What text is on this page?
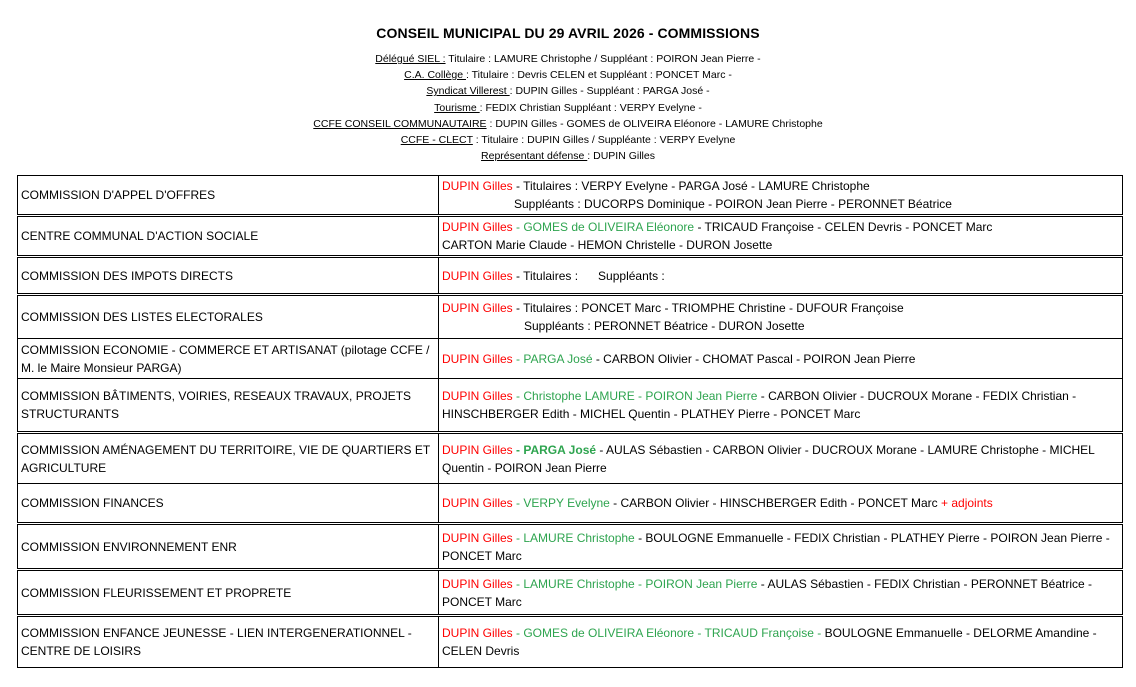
CONSEIL MUNICIPAL DU 29 AVRIL 2026 - COMMISSIONS
Délégué SIEL : Titulaire : LAMURE Christophe / Suppléant : POIRON Jean Pierre -
C.A. Collège : Titulaire : Devris CELEN et Suppléant : PONCET Marc -
Syndicat Villerest : DUPIN Gilles - Suppléant : PARGA José -
Tourisme : FEDIX Christian Suppléant : VERPY Evelyne -
CCFE CONSEIL COMMUNAUTAIRE : DUPIN Gilles - GOMES de OLIVEIRA Eléonore - LAMURE Christophe
CCFE - CLECT : Titulaire : DUPIN Gilles / Suppléante : VERPY Evelyne
Représentant défense : DUPIN Gilles
COMMISSION D'APPEL D'OFFRES	DUPIN Gilles - Titulaires : VERPY Evelyne - PARGA José - LAMURE Christophe
Suppléants : DUCORPS Dominique - POIRON Jean Pierre - PERONNET Béatrice

CENTRE COMMUNAL D'ACTION SOCIALE	DUPIN Gilles - GOMES de OLIVEIRA Eléonore - TRICAUD Françoise - CELEN Devris - PONCET Marc
CARTON Marie Claude - HEMON Christelle - DURON Josette

COMMISSION DES IMPOTS DIRECTS	DUPIN Gilles - Titulaires :      Suppléants :

COMMISSION DES LISTES ELECTORALES	DUPIN Gilles - Titulaires : PONCET Marc - TRIOMPHE Christine - DUFOUR Françoise
Suppléants : PERONNET Béatrice - DURON Josette

COMMISSION ECONOMIE - COMMERCE ET ARTISANAT (pilotage CCFE / M. le Maire Monsieur PARGA)	DUPIN Gilles - PARGA José - CARBON Olivier - CHOMAT Pascal - POIRON Jean Pierre
COMMISSION BÂTIMENTS, VOIRIES, RESEAUX TRAVAUX, PROJETS STRUCTURANTS	DUPIN Gilles - Christophe LAMURE - POIRON Jean Pierre - CARBON Olivier - DUCROUX Morane - FEDIX Christian - HINSCHBERGER Edith - MICHEL Quentin - PLATHEY Pierre - PONCET Marc
COMMISSION AMÉNAGEMENT DU TERRITOIRE, VIE DE QUARTIERS ET AGRICULTURE	DUPIN Gilles - PARGA José - AULAS Sébastien - CARBON Olivier - DUCROUX Morane - LAMURE Christophe - MICHEL Quentin - POIRON Jean Pierre
COMMISSION FINANCES	DUPIN Gilles - VERPY Evelyne - CARBON Olivier - HINSCHBERGER Edith - PONCET Marc + adjoints
COMMISSION ENVIRONNEMENT ENR	DUPIN Gilles - LAMURE Christophe - BOULOGNE Emmanuelle - FEDIX Christian - PLATHEY Pierre - POIRON Jean Pierre - PONCET Marc
COMMISSION FLEURISSEMENT ET PROPRETE	DUPIN Gilles - LAMURE Christophe - POIRON Jean Pierre - AULAS Sébastien - FEDIX Christian - PERONNET Béatrice - PONCET Marc
COMMISSION ENFANCE JEUNESSE - LIEN INTERGENERATIONNEL - CENTRE DE LOISIRS	DUPIN Gilles - GOMES de OLIVEIRA Eléonore - TRICAUD Françoise - BOULOGNE Emmanuelle - DELORME Amandine - CELEN Devris
